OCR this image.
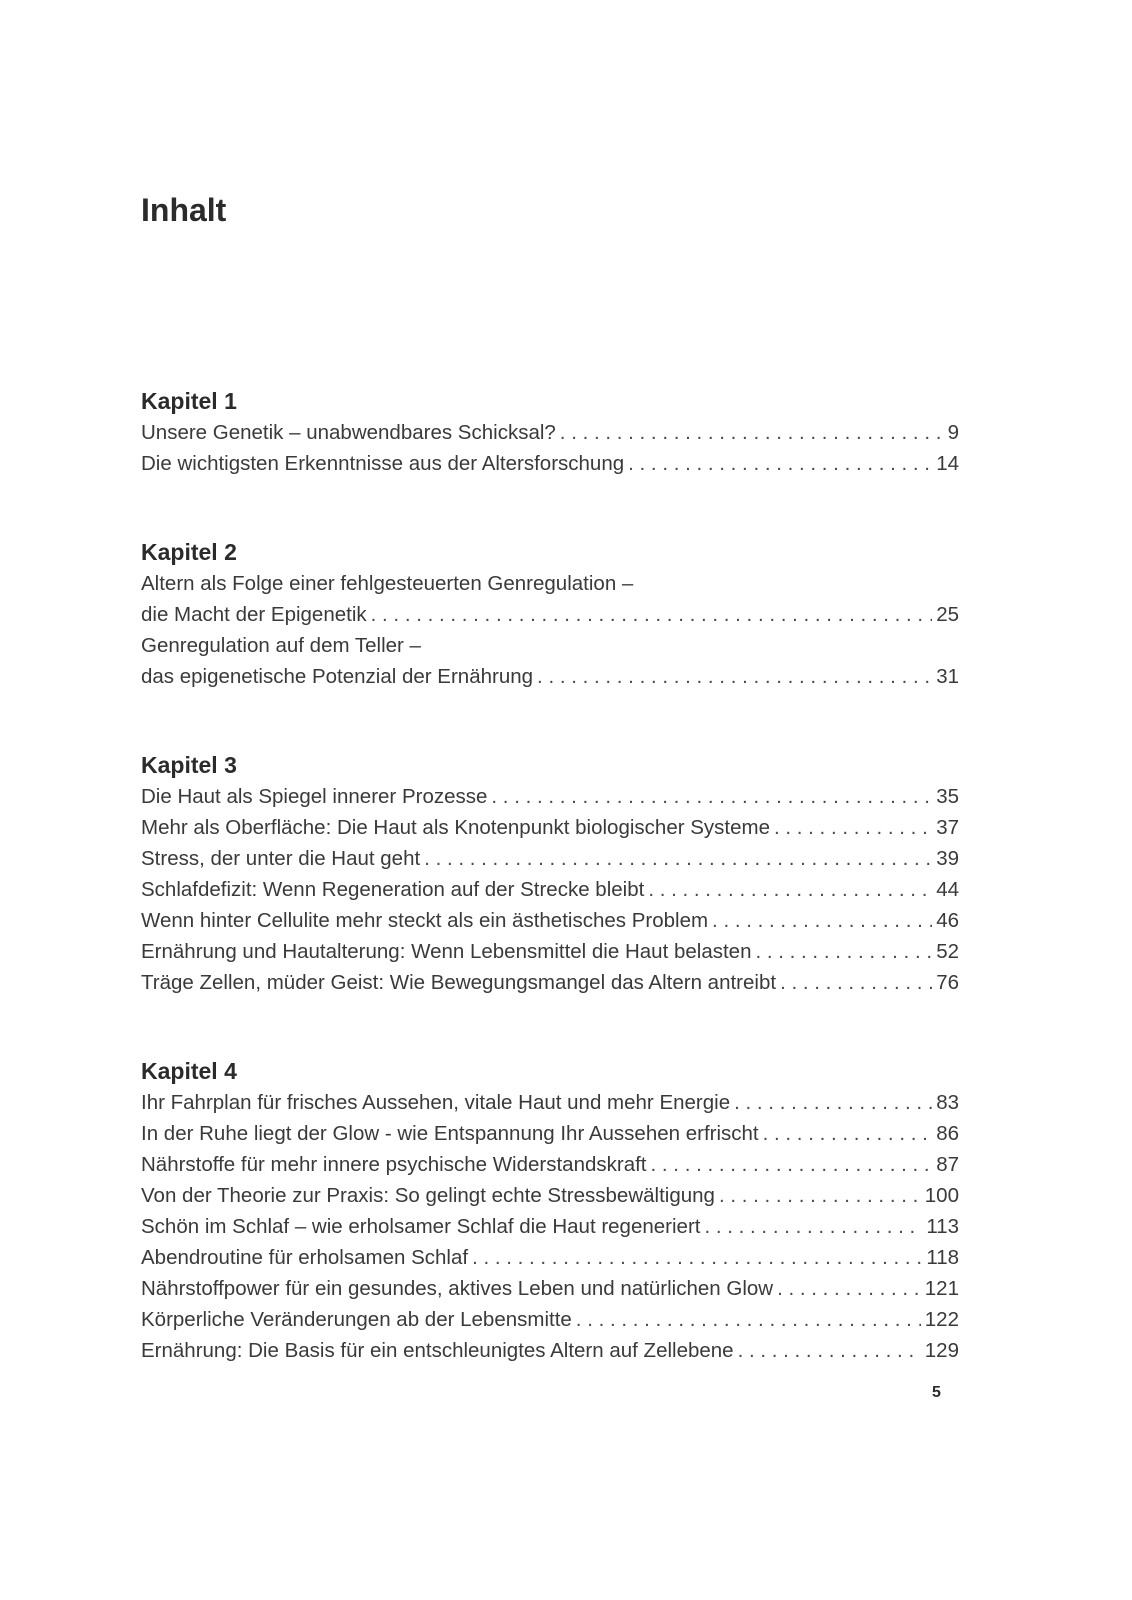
Inhalt
Kapitel 1
Unsere Genetik – unabwendbares Schicksal? . . .	9
Die wichtigsten Erkenntnisse aus der Altersforschung . . .	14
Kapitel 2
Altern als Folge einer fehlgesteuerten Genregulation –
die Macht der Epigenetik . . .	25
Genregulation auf dem Teller –
das epigenetische Potenzial der Ernährung . . .	31
Kapitel 3
Die Haut als Spiegel innerer Prozesse . . .	35
Mehr als Oberfläche: Die Haut als Knotenpunkt biologischer Systeme . . .	37
Stress, der unter die Haut geht . . .	39
Schlafdefizit: Wenn Regeneration auf der Strecke bleibt . . .	44
Wenn hinter Cellulite mehr steckt als ein ästhetisches Problem . . .	46
Ernährung und Hautalterung: Wenn Lebensmittel die Haut belasten . . .	52
Träge Zellen, müder Geist: Wie Bewegungsmangel das Altern antreibt . . .	76
Kapitel 4
Ihr Fahrplan für frisches Aussehen, vitale Haut und mehr Energie . . .	83
In der Ruhe liegt der Glow - wie Entspannung Ihr Aussehen erfrischt . . .	86
Nährstoffe für mehr innere psychische Widerstandskraft . . .	87
Von der Theorie zur Praxis: So gelingt echte Stressbewältigung . . .	100
Schön im Schlaf – wie erholsamer Schlaf die Haut regeneriert . . .	113
Abendroutine für erholsamen Schlaf . . .	118
Nährstoffpower für ein gesundes, aktives Leben und natürlichen Glow . . .	121
Körperliche Veränderungen ab der Lebensmitte . . .	122
Ernährung: Die Basis für ein entschleunigtes Altern auf Zellebene . . .	129
5
